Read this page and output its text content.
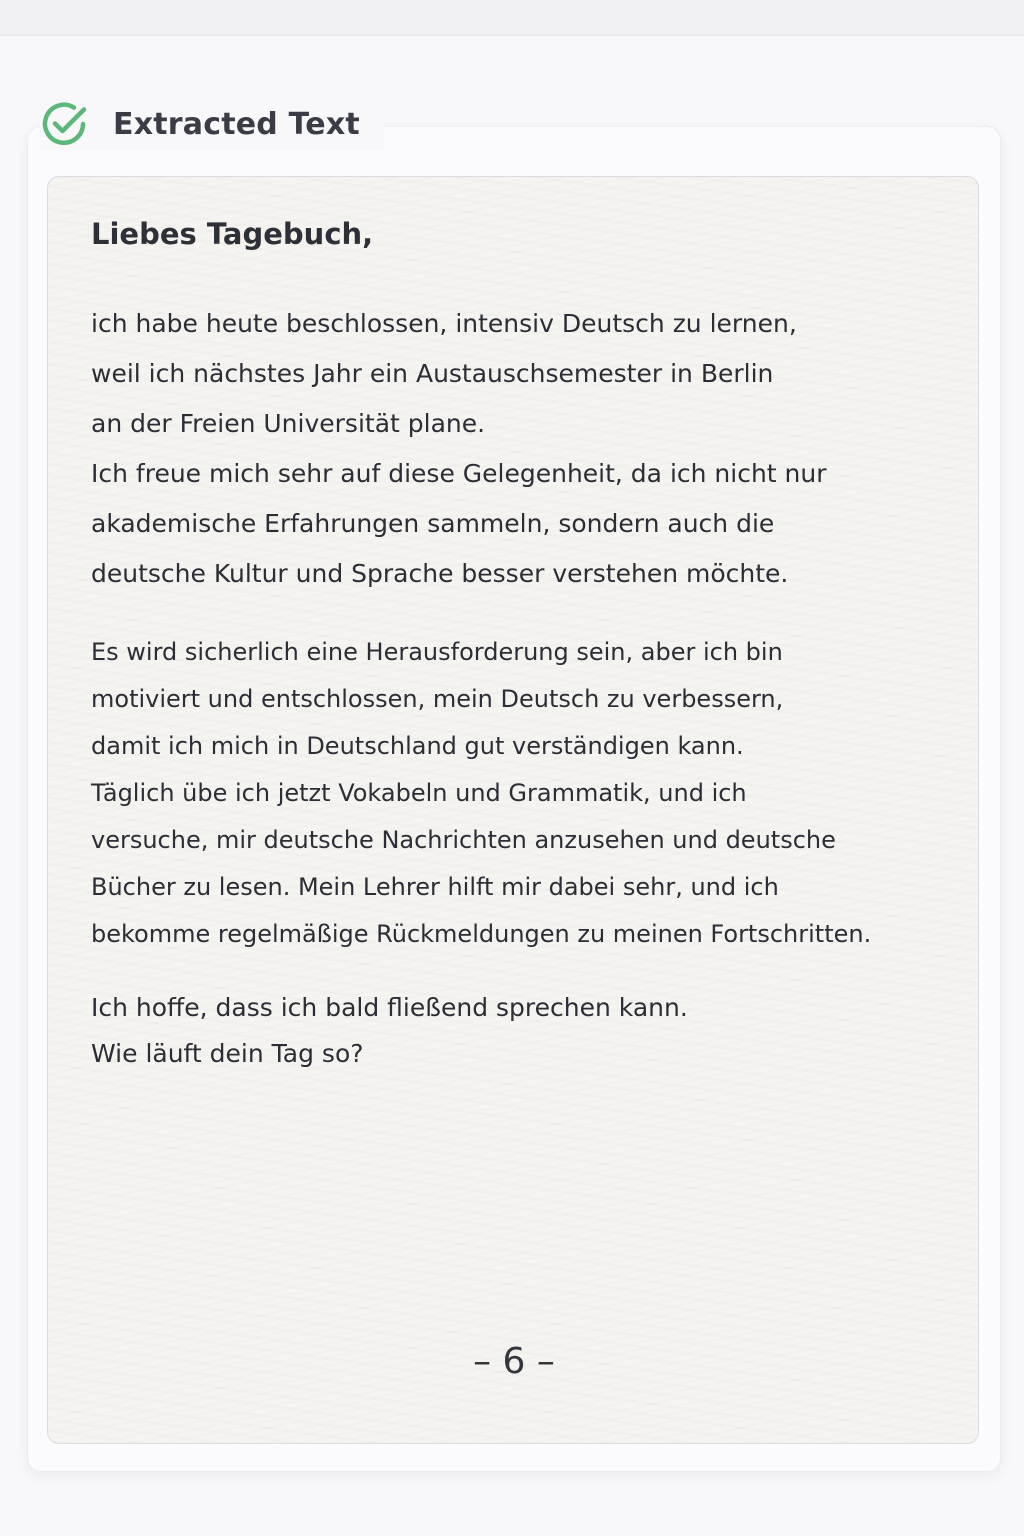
Extracted Text
Liebes Tagebuch,
ich habe heute beschlossen, intensiv Deutsch zu lernen,
weil ich nächstes Jahr ein Austauschsemester in Berlin
an der Freien Universität plane.
Ich freue mich sehr auf diese Gelegenheit, da ich nicht nur
akademische Erfahrungen sammeln, sondern auch die
deutsche Kultur und Sprache besser verstehen möchte.
Es wird sicherlich eine Herausforderung sein, aber ich bin
motiviert und entschlossen, mein Deutsch zu verbessern,
damit ich mich in Deutschland gut verständigen kann.
Täglich übe ich jetzt Vokabeln und Grammatik, und ich
versuche, mir deutsche Nachrichten anzusehen und deutsche
Bücher zu lesen. Mein Lehrer hilft mir dabei sehr, und ich
bekomme regelmäßige Rückmeldungen zu meinen Fortschritten.
Ich hoffe, dass ich bald fließend sprechen kann.
Wie läuft dein Tag so?
– 6 –
